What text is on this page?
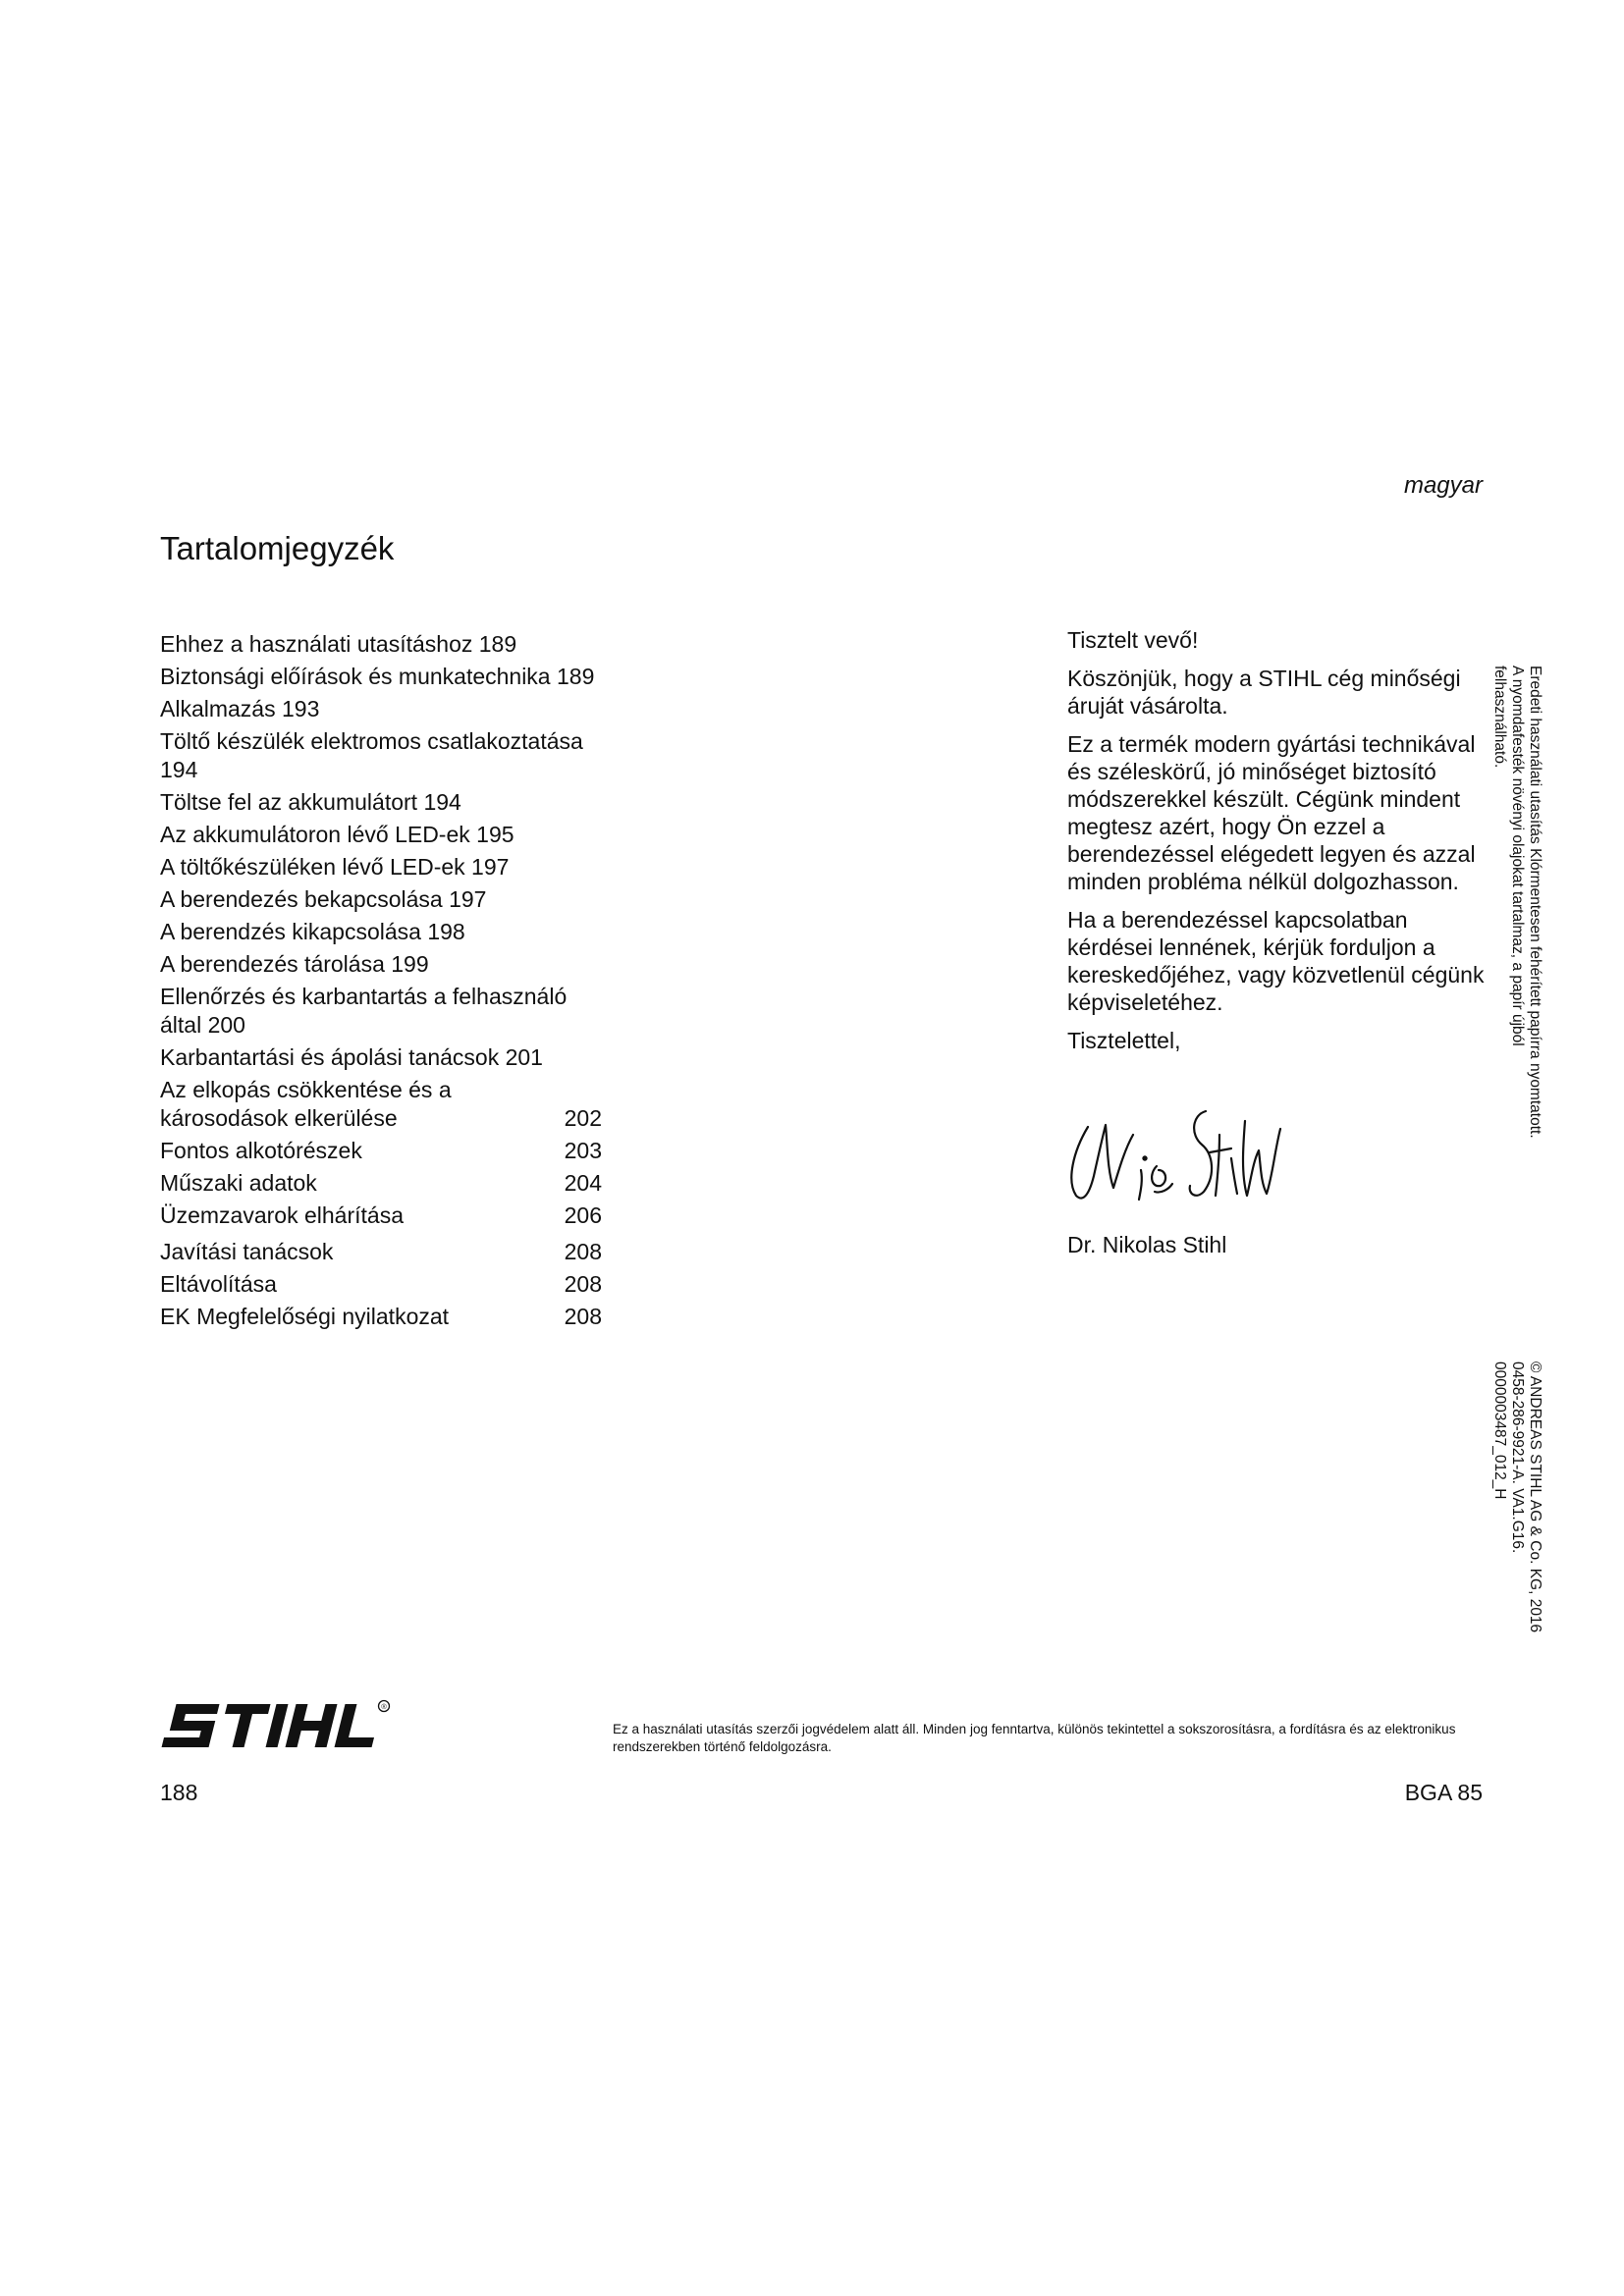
magyar
Tartalomjegyzék
Ehhez a használati utasításhoz 189
Biztonsági előírások és munkatechnika 189
Alkalmazás 193
Töltő készülék elektromos csatlakoztatása 194
Töltse fel az akkumulátort 194
Az akkumulátoron lévő LED-ek 195
A töltőkészüléken lévő LED-ek 197
A berendezés bekapcsolása 197
A berendzés kikapcsolása 198
A berendezés tárolása 199
Ellenőrzés és karbantartás a felhasználó által 200
Karbantartási és ápolási tanácsok 201
Az elkopás csökkentése és a károsodások elkerülése	202
Fontos alkotórészek	203
Műszaki adatok	204
Üzemzavarok elhárítása	206
Javítási tanácsok	208
Eltávolítása	208
EK Megfelelőségi nyilatkozat	208

Tisztelt vevő!

Köszönjük, hogy a STIHL cég minőségi áruját vásárolta.

Ez a termék modern gyártási technikával és széleskörű, jó minőséget biztosító módszerekkel készült. Cégünk mindent megtesz azért, hogy Ön ezzel a berendezéssel elégedett legyen és azzal minden probléma nélkül dolgozhasson.

Ha a berendezéssel kapcsolatban kérdései lennének, kérjük forduljon a kereskedőjéhez, vagy közvetlenül cégünk képviseletéhez.

Tisztelettel,

Dr. Nikolas Stihl
Eredeti használati utasítás Klórmentesen fehérített papírra nyomtatott.
A nyomdafesték növényi olajokat tartalmaz, a papír újból
felhasználható.
© ANDREAS STIHL AG & Co. KG, 2016
0458-286-9921-A. VA1.G16.
0000003487_012_H
®
Ez a használati utasítás szerzői jogvédelem alatt áll. Minden jog fenntartva, különös tekintettel a sokszorosításra, a fordításra és az elektronikus rendszerekben történő feldolgozásra.
188	BGA 85
